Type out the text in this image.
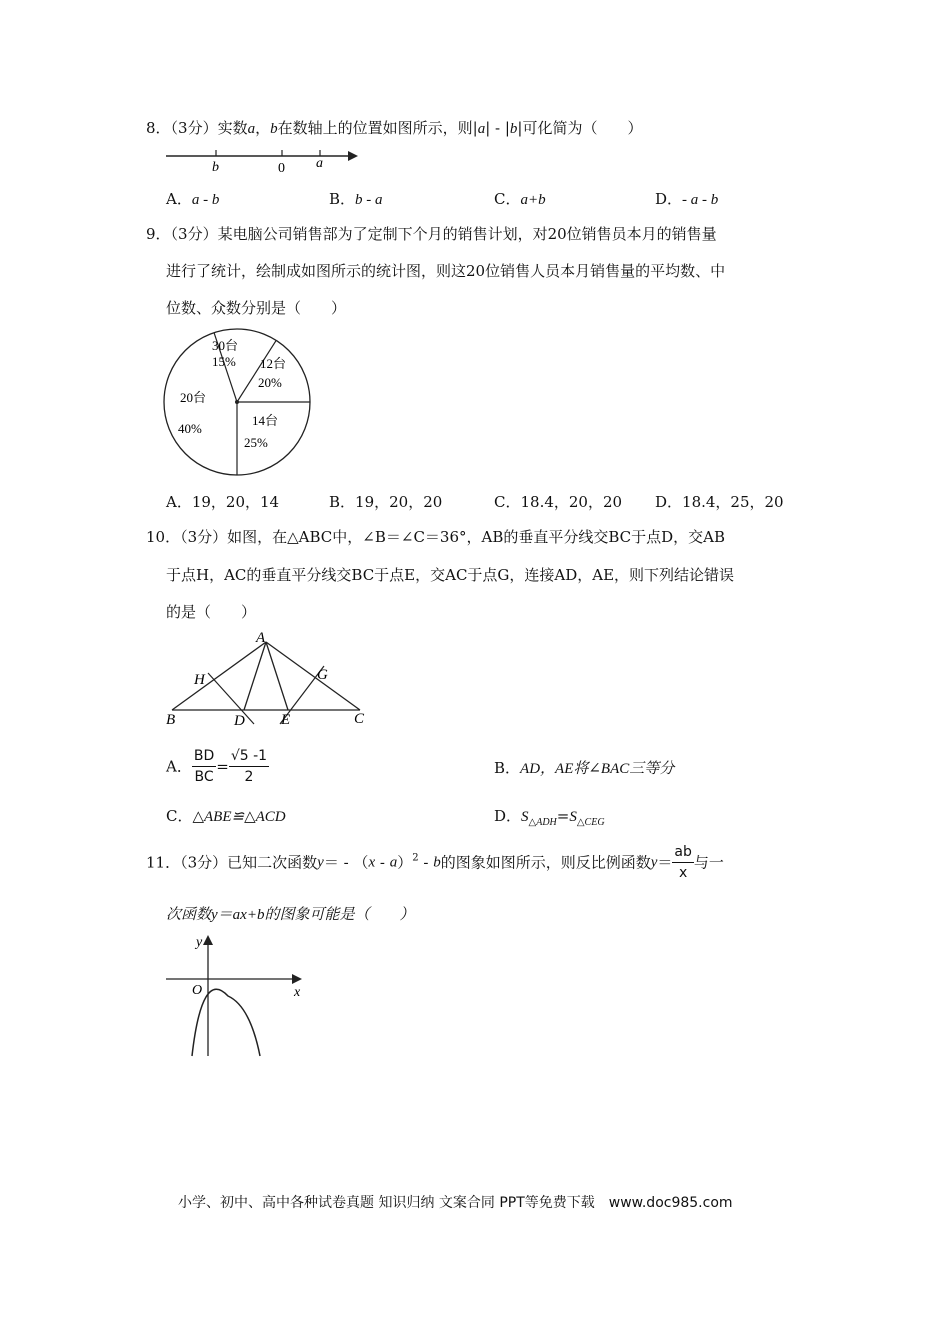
8．（3分）实数a，b在数轴上的位置如图所示，则|a| - |b|可化简为（　　）
b	0 a
A．a - b	B．b - a	C．a+b	D．- a - b
9．（3分）某电脑公司销售部为了定制下个月的销售计划，对20位销售员本月的销售量
进行了统计，绘制成如图所示的统计图，则这20位销售人员本月销售量的平均数、中
位数、众数分别是（　　）
30台
15% 12台
20%
14台
25%
20台
40%
A．19，20，14	B．19，20，20	C．18.4，20，20 D．18.4，25，20
10．（3分）如图，在△ABC中，∠B＝∠C＝36°，AB的垂直平分线交BC于点D，交AB
于点H，AC的垂直平分线交BC于点E，交AC于点G，连接AD，AE，则下列结论错误
的是（　　）
A
H	G
B	D E	C
A． $\frac{BD}{BC} = \frac{√5 -1}{2}$	B．AD，AE将∠BAC三等分
C．△ABE≌△ACD	D．$S_{\triangle ADH}=S_{\triangle CEG}$
11．（3分）已知二次函数y＝ - （x - a）$^2$ - b的图象如图所示，则反比例函数$y= \frac{ab}{x}$ 与一
次函数y＝ax+b的图象可能是（　　）
y
x
O
小学、初中、高中各种试卷真题 知识归纳 文案合同 PPT等免费下载　www.doc985.com
